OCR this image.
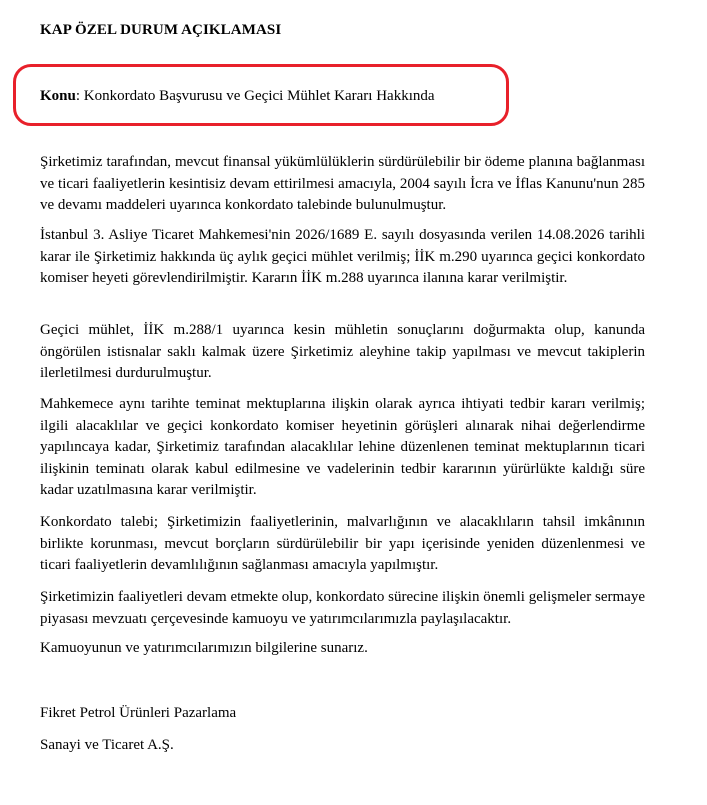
KAP ÖZEL DURUM AÇIKLAMASI
Konu: Konkordato Başvurusu ve Geçici Mühlet Kararı Hakkında
Şirketimiz tarafından, mevcut finansal yükümlülüklerin sürdürülebilir bir ödeme planına bağlanması ve ticari faaliyetlerin kesintisiz devam ettirilmesi amacıyla, 2004 sayılı İcra ve İflas Kanunu'nun 285 ve devamı maddeleri uyarınca konkordato talebinde bulunulmuştur.
İstanbul 3. Asliye Ticaret Mahkemesi'nin 2026/1689 E. sayılı dosyasında verilen 14.08.2026 tarihli karar ile Şirketimiz hakkında üç aylık geçici mühlet verilmiş; İİK m.290 uyarınca geçici konkordato komiser heyeti görevlendirilmiştir. Kararın İİK m.288 uyarınca ilanına karar verilmiştir.
Geçici mühlet, İİK m.288/1 uyarınca kesin mühletin sonuçlarını doğurmakta olup, kanunda öngörülen istisnalar saklı kalmak üzere Şirketimiz aleyhine takip yapılması ve mevcut takiplerin ilerletilmesi durdurulmuştur.
Mahkemece aynı tarihte teminat mektuplarına ilişkin olarak ayrıca ihtiyati tedbir kararı verilmiş; ilgili alacaklılar ve geçici konkordato komiser heyetinin görüşleri alınarak nihai değerlendirme yapılıncaya kadar, Şirketimiz tarafından alacaklılar lehine düzenlenen teminat mektuplarının ticari ilişkinin teminatı olarak kabul edilmesine ve vadelerinin tedbir kararının yürürlükte kaldığı süre kadar uzatılmasına karar verilmiştir.
Konkordato talebi; Şirketimizin faaliyetlerinin, malvarlığının ve alacaklıların tahsil imkânının birlikte korunması, mevcut borçların sürdürülebilir bir yapı içerisinde yeniden düzenlenmesi ve ticari faaliyetlerin devamlılığının sağlanması amacıyla yapılmıştır.
Şirketimizin faaliyetleri devam etmekte olup, konkordato sürecine ilişkin önemli gelişmeler sermaye piyasası mevzuatı çerçevesinde kamuoyu ve yatırımcılarımızla paylaşılacaktır.
Kamuoyunun ve yatırımcılarımızın bilgilerine sunarız.
Fikret Petrol Ürünleri Pazarlama
Sanayi ve Ticaret A.Ş.
